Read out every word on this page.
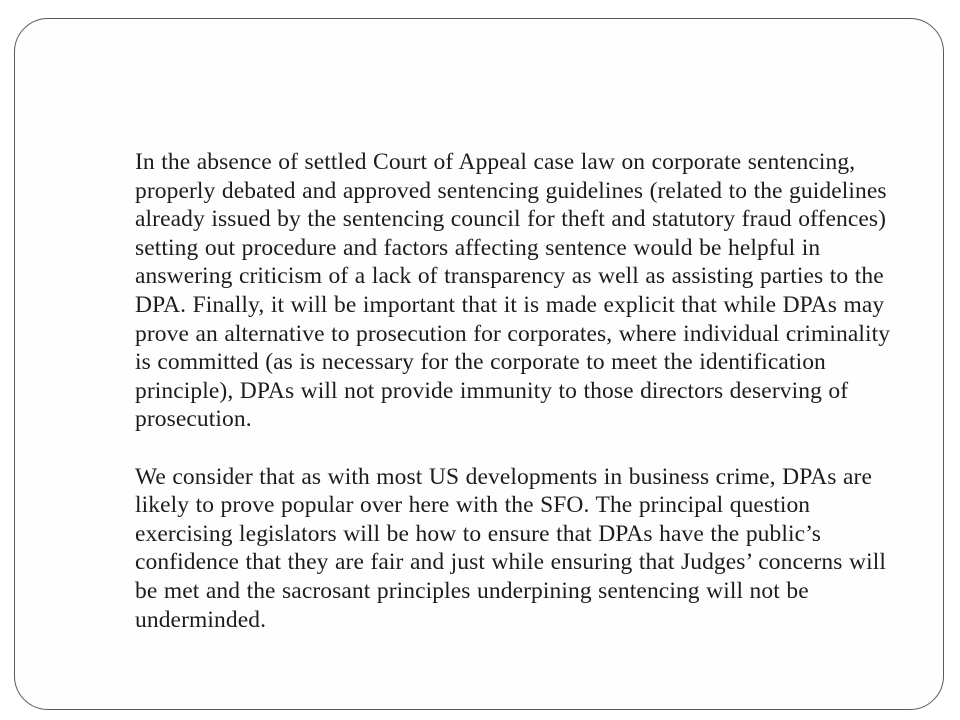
In the absence of settled Court of Appeal case law on corporate sentencing, properly debated and approved sentencing guidelines (related to the guidelines already issued by the sentencing council for theft and statutory fraud offences) setting out procedure and factors affecting sentence would be helpful in answering criticism of a lack of transparency as well as assisting parties to the DPA. Finally, it will be important that it is made explicit that while DPAs may prove an alternative to prosecution for corporates, where individual criminality is committed (as is necessary for the corporate to meet the identification principle), DPAs will not provide immunity to those directors deserving of prosecution.

We consider that as with most US developments in business crime, DPAs are likely to prove popular over here with the SFO. The principal question exercising legislators will be how to ensure that DPAs have the public’s confidence that they are fair and just while ensuring that Judges’ concerns will be met and the sacrosant principles underpining sentencing will not be underminded.
